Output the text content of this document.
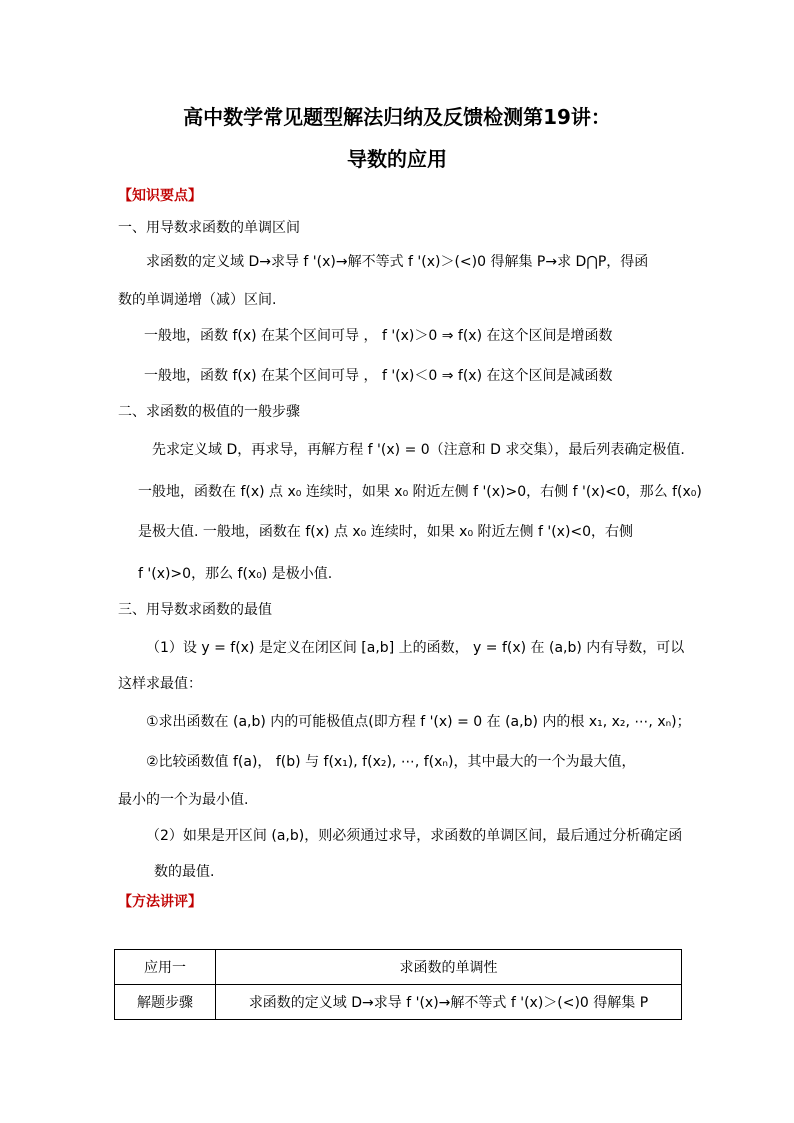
高中数学常见题型解法归纳及反馈检测第19讲：
导数的应用
【知识要点】
一、用导数求函数的单调区间
求函数的定义域 D→求导 f '(x)→解不等式 f '(x)＞(<)0 得解集 P→求 D⋂P，得函
数的单调递增（减）区间.
一般地，函数 f(x) 在某个区间可导 ， f '(x)＞0 ⇒ f(x) 在这个区间是增函数
一般地，函数 f(x) 在某个区间可导 ， f '(x)＜0 ⇒ f(x) 在这个区间是减函数
二、求函数的极值的一般步骤
先求定义域 D，再求导，再解方程 f '(x) = 0（注意和 D 求交集），最后列表确定极值.
一般地，函数在 f(x) 点 x₀ 连续时，如果 x₀ 附近左侧 f '(x)>0，右侧 f '(x)<0，那么 f(x₀)
是极大值. 一般地，函数在 f(x) 点 x₀ 连续时，如果 x₀ 附近左侧 f '(x)<0，右侧
f '(x)>0，那么 f(x₀) 是极小值.
三、用导数求函数的最值
（1）设 y = f(x) 是定义在闭区间 [a,b] 上的函数， y = f(x) 在 (a,b) 内有导数，可以
这样求最值：
①求出函数在 (a,b) 内的可能极值点(即方程 f '(x) = 0 在 (a,b) 内的根 x₁, x₂, ⋯, xₙ)；
②比较函数值 f(a)， f(b) 与 f(x₁), f(x₂), ⋯, f(xₙ)，其中最大的一个为最大值，
最小的一个为最小值.
（2）如果是开区间 (a,b)，则必须通过求导，求函数的单调区间，最后通过分析确定函
数的最值.
【方法讲评】
应用一	求函数的单调性
解题步骤	求函数的定义域 D→求导 f '(x)→解不等式 f '(x)＞(<)0 得解集 P
